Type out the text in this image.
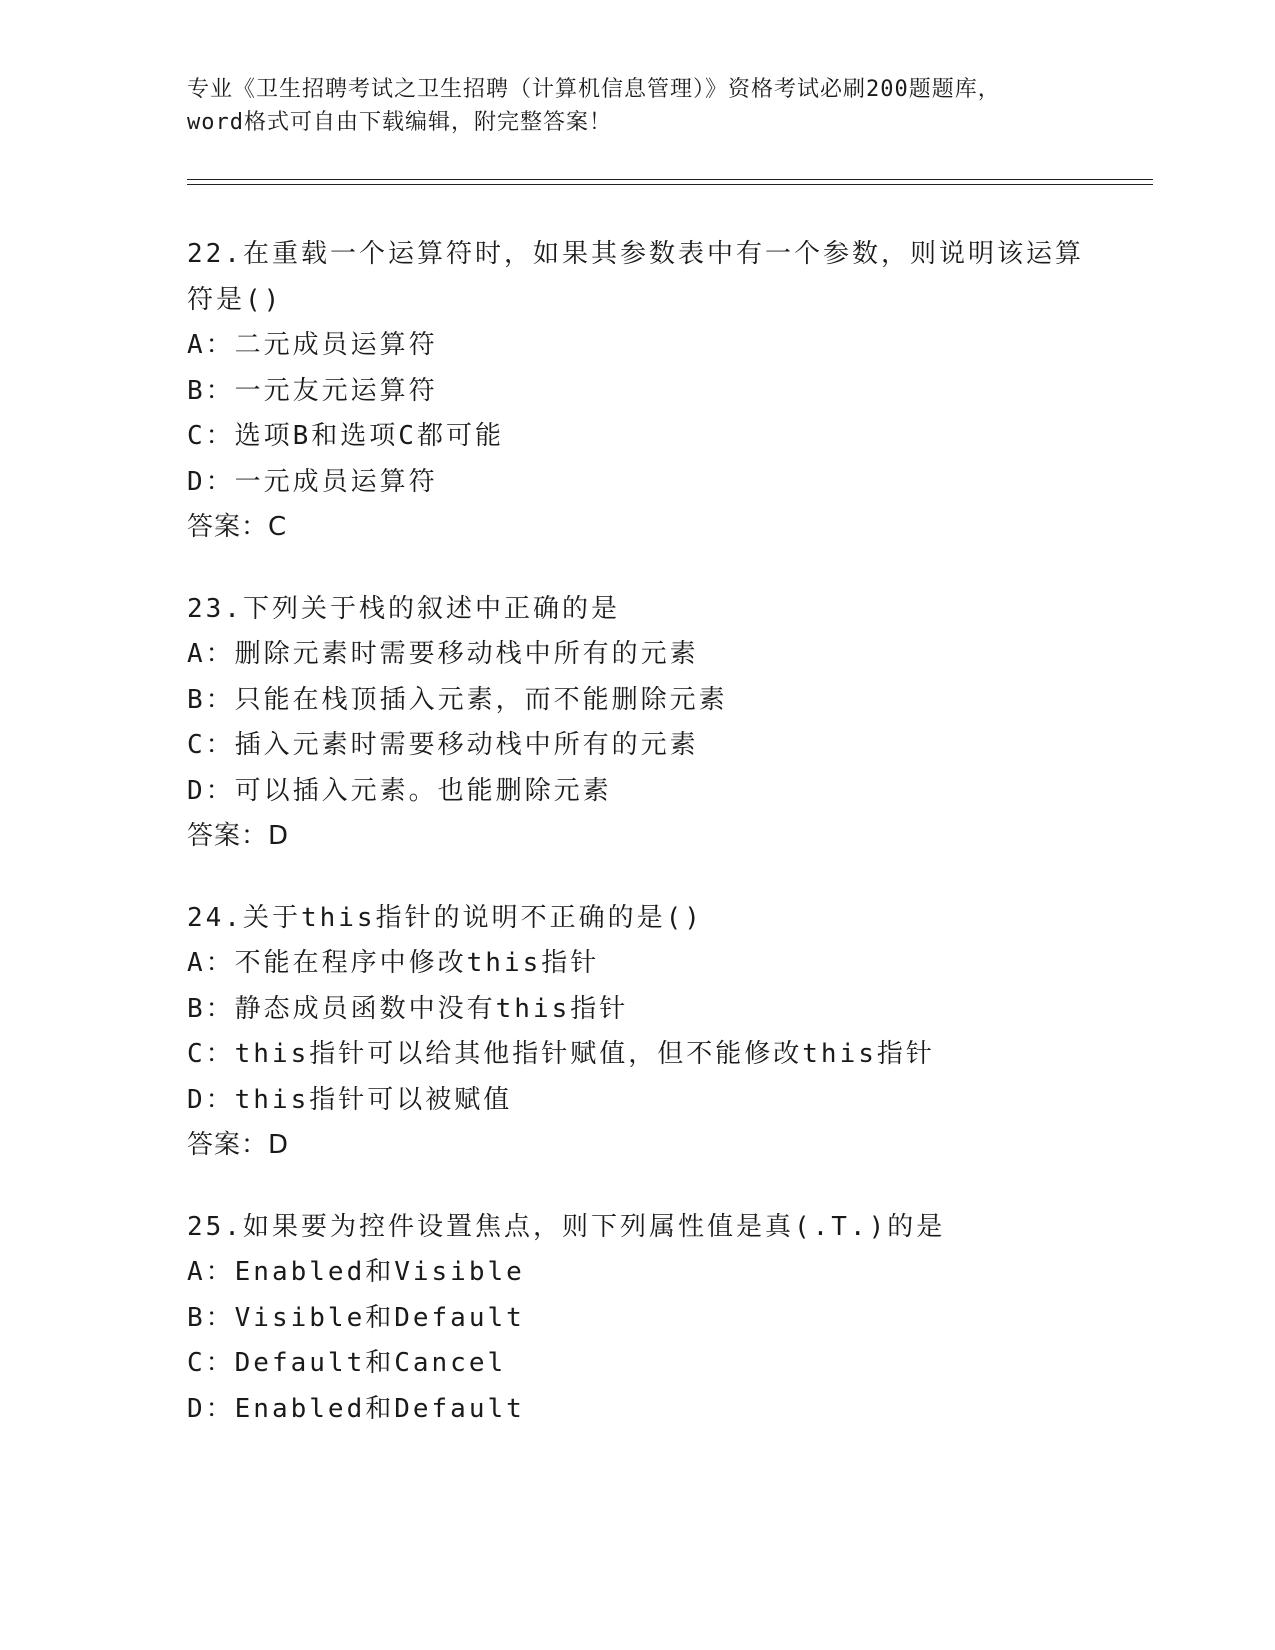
专业《卫生招聘考试之卫生招聘（计算机信息管理）》资格考试必刷200题题库，
word格式可自由下载编辑，附完整答案！
22.在重载一个运算符时，如果其参数表中有一个参数，则说明该运算
符是()
A：二元成员运算符
B：一元友元运算符
C：选项B和选项C都可能
D：一元成员运算符
答案：C
23.下列关于栈的叙述中正确的是
A：删除元素时需要移动栈中所有的元素
B：只能在栈顶插入元素，而不能删除元素
C：插入元素时需要移动栈中所有的元素
D：可以插入元素。也能删除元素
答案：D
24.关于this指针的说明不正确的是()
A：不能在程序中修改this指针
B：静态成员函数中没有this指针
C：this指针可以给其他指针赋值，但不能修改this指针
D：this指针可以被赋值
答案：D
25.如果要为控件设置焦点，则下列属性值是真(.T.)的是
A：Enabled和Visible
B：Visible和Default
C：Default和Cancel
D：Enabled和Default
